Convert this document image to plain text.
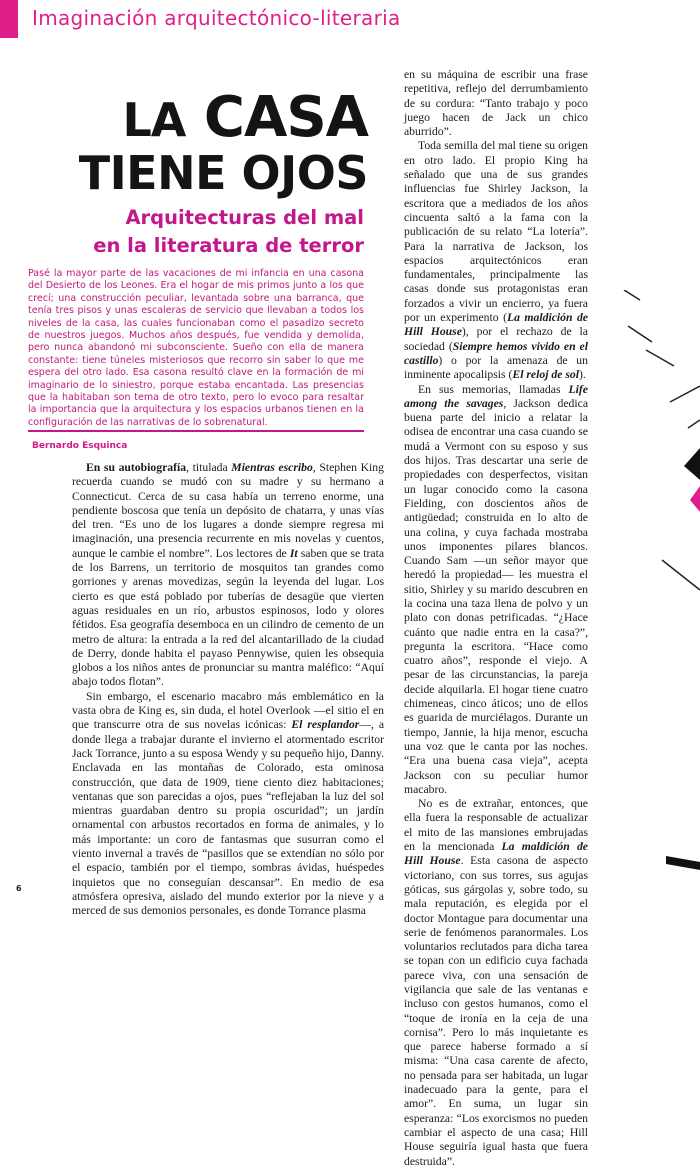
Imaginación arquitectónico-literaria
LA CASA
TIENE OJOS
Arquitecturas del mal
en la literatura de terror

Pasé la mayor parte de las vacaciones de mi infancia en una casona del Desierto de los Leones. Era el hogar de mis primos junto a los que crecí; una construcción peculiar, levantada sobre una barranca, que tenía tres pisos y unas escaleras de servicio que llevaban a todos los niveles de la casa, las cuales funcionaban como el pasadizo secreto de nuestros juegos. Muchos años después, fue vendida y demolida, pero nunca abandonó mi subconsciente. Sueño con ella de manera constante: tiene túneles misteriosos que recorro sin saber lo que me espera del otro lado. Esa casona resultó clave en la formación de mi imaginario de lo siniestro, porque estaba encantada. Las presencias que la habitaban son tema de otro texto, pero lo evoco para resaltar la importancia que la arquitectura y los espacios urbanos tienen en la configuración de las narrativas de lo sobrenatural.

Bernardo Esquinca

En su autobiografía, titulada Mientras escribo, Stephen King recuerda cuando se mudó con su madre y su hermano a Connecticut. Cerca de su casa había un terreno enorme, una pendiente boscosa que tenía un depósito de chatarra, y unas vías del tren. “Es uno de los lugares a donde siempre regresa mi imaginación, una presencia recurrente en mis novelas y cuentos, aunque le cambie el nombre”. Los lectores de It saben que se trata de los Barrens, un territorio de mosquitos tan grandes como gorriones y arenas movedizas, según la leyenda del lugar. Los cierto es que está poblado por tuberías de desagüe que vierten aguas residuales en un río, arbustos espinosos, lodo y olores fétidos. Esa geografía desemboca en un cilindro de cemento de un metro de altura: la entrada a la red del alcantarillado de la ciudad de Derry, donde habita el payaso Pennywise, quien les obsequia globos a los niños antes de pronunciar su mantra maléfico: “Aquí abajo todos flotan”.

Sin embargo, el escenario macabro más emblemático en la vasta obra de King es, sin duda, el hotel Overlook —el sitio el en que transcurre otra de sus novelas icónicas: El resplandor—, a donde llega a trabajar durante el invierno el atormentado escritor Jack Torrance, junto a su esposa Wendy y su pequeño hijo, Danny. Enclavada en las montañas de Colorado, esta ominosa construcción, que data de 1909, tiene ciento diez habitaciones; ventanas que son parecidas a ojos, pues “reflejaban la luz del sol mientras guardaban dentro su propia oscuridad”; un jardín ornamental con arbustos recortados en forma de animales, y lo más importante: un coro de fantasmas que susurran como el viento invernal a través de “pasillos que se extendían no sólo por el espacio, también por el tiempo, sombras ávidas, huéspedes inquietos que no conseguían descansar”. En medio de esa atmósfera opresiva, aislado del mundo exterior por la nieve y a merced de sus demonios personales, es donde Torrance plasma

en su máquina de escribir una frase repetitiva, reflejo del derrumbamiento de su cordura: “Tanto trabajo y poco juego hacen de Jack un chico aburrido”.

Toda semilla del mal tiene su origen en otro lado. El propio King ha señalado que una de sus grandes influencias fue Shirley Jackson, la escritora que a mediados de los años cincuenta saltó a la fama con la publicación de su relato “La lotería”. Para la narrativa de Jackson, los espacios arquitectónicos eran fundamentales, principalmente las casas donde sus protagonistas eran forzados a vivir un encierro, ya fuera por un experimento (La maldición de Hill House), por el rechazo de la sociedad (Siempre hemos vivido en el castillo) o por la amenaza de un inminente apocalipsis (El reloj de sol).

En sus memorias, llamadas Life among the savages, Jackson dedica buena parte del inicio a relatar la odisea de encontrar una casa cuando se mudá a Vermont con su esposo y sus dos hijos. Tras descartar una serie de propiedades con desperfectos, visitan un lugar conocido como la casona Fielding, con doscientos años de antigüedad; construida en lo alto de una colina, y cuya fachada mostraba unos imponentes pilares blancos. Cuando Sam —un señor mayor que heredó la propiedad— les muestra el sitio, Shirley y su marido descubren en la cocina una taza llena de polvo y un plato con donas petrificadas. “¿Hace cuánto que nadie entra en la casa?”, pregunta la escritora. “Hace como cuatro años”, responde el viejo. A pesar de las circunstancias, la pareja decide alquilarla. El hogar tiene cuatro chimeneas, cinco áticos; uno de ellos es guarida de murciélagos. Durante un tiempo, Jannie, la hija menor, escucha una voz que le canta por las noches. “Era una buena casa vieja”, acepta Jackson con su peculiar humor macabro.

No es de extrañar, entonces, que ella fuera la responsable de actualizar el mito de las mansiones embrujadas en la mencionada La maldición de Hill House. Esta casona de aspecto victoriano, con sus torres, sus agujas góticas, sus gárgolas y, sobre todo, su mala reputación, es elegida por el doctor Montague para documentar una serie de fenómenos paranormales. Los voluntarios reclutados para dicha tarea se topan con un edificio cuya fachada parece viva, con una sensación de vigilancia que sale de las ventanas e incluso con gestos humanos, como el “toque de ironía en la ceja de una cornisa”. Pero lo más inquietante es que parece haberse formado a sí misma: “Una casa carente de afecto, no pensada para ser habitada, un lugar inadecuado para la gente, para el amor”. En suma, un lugar sin esperanza: “Los exorcismos no pueden cambiar el aspecto de una casa; Hill House seguiría igual hasta que fuera destruida”.

6
